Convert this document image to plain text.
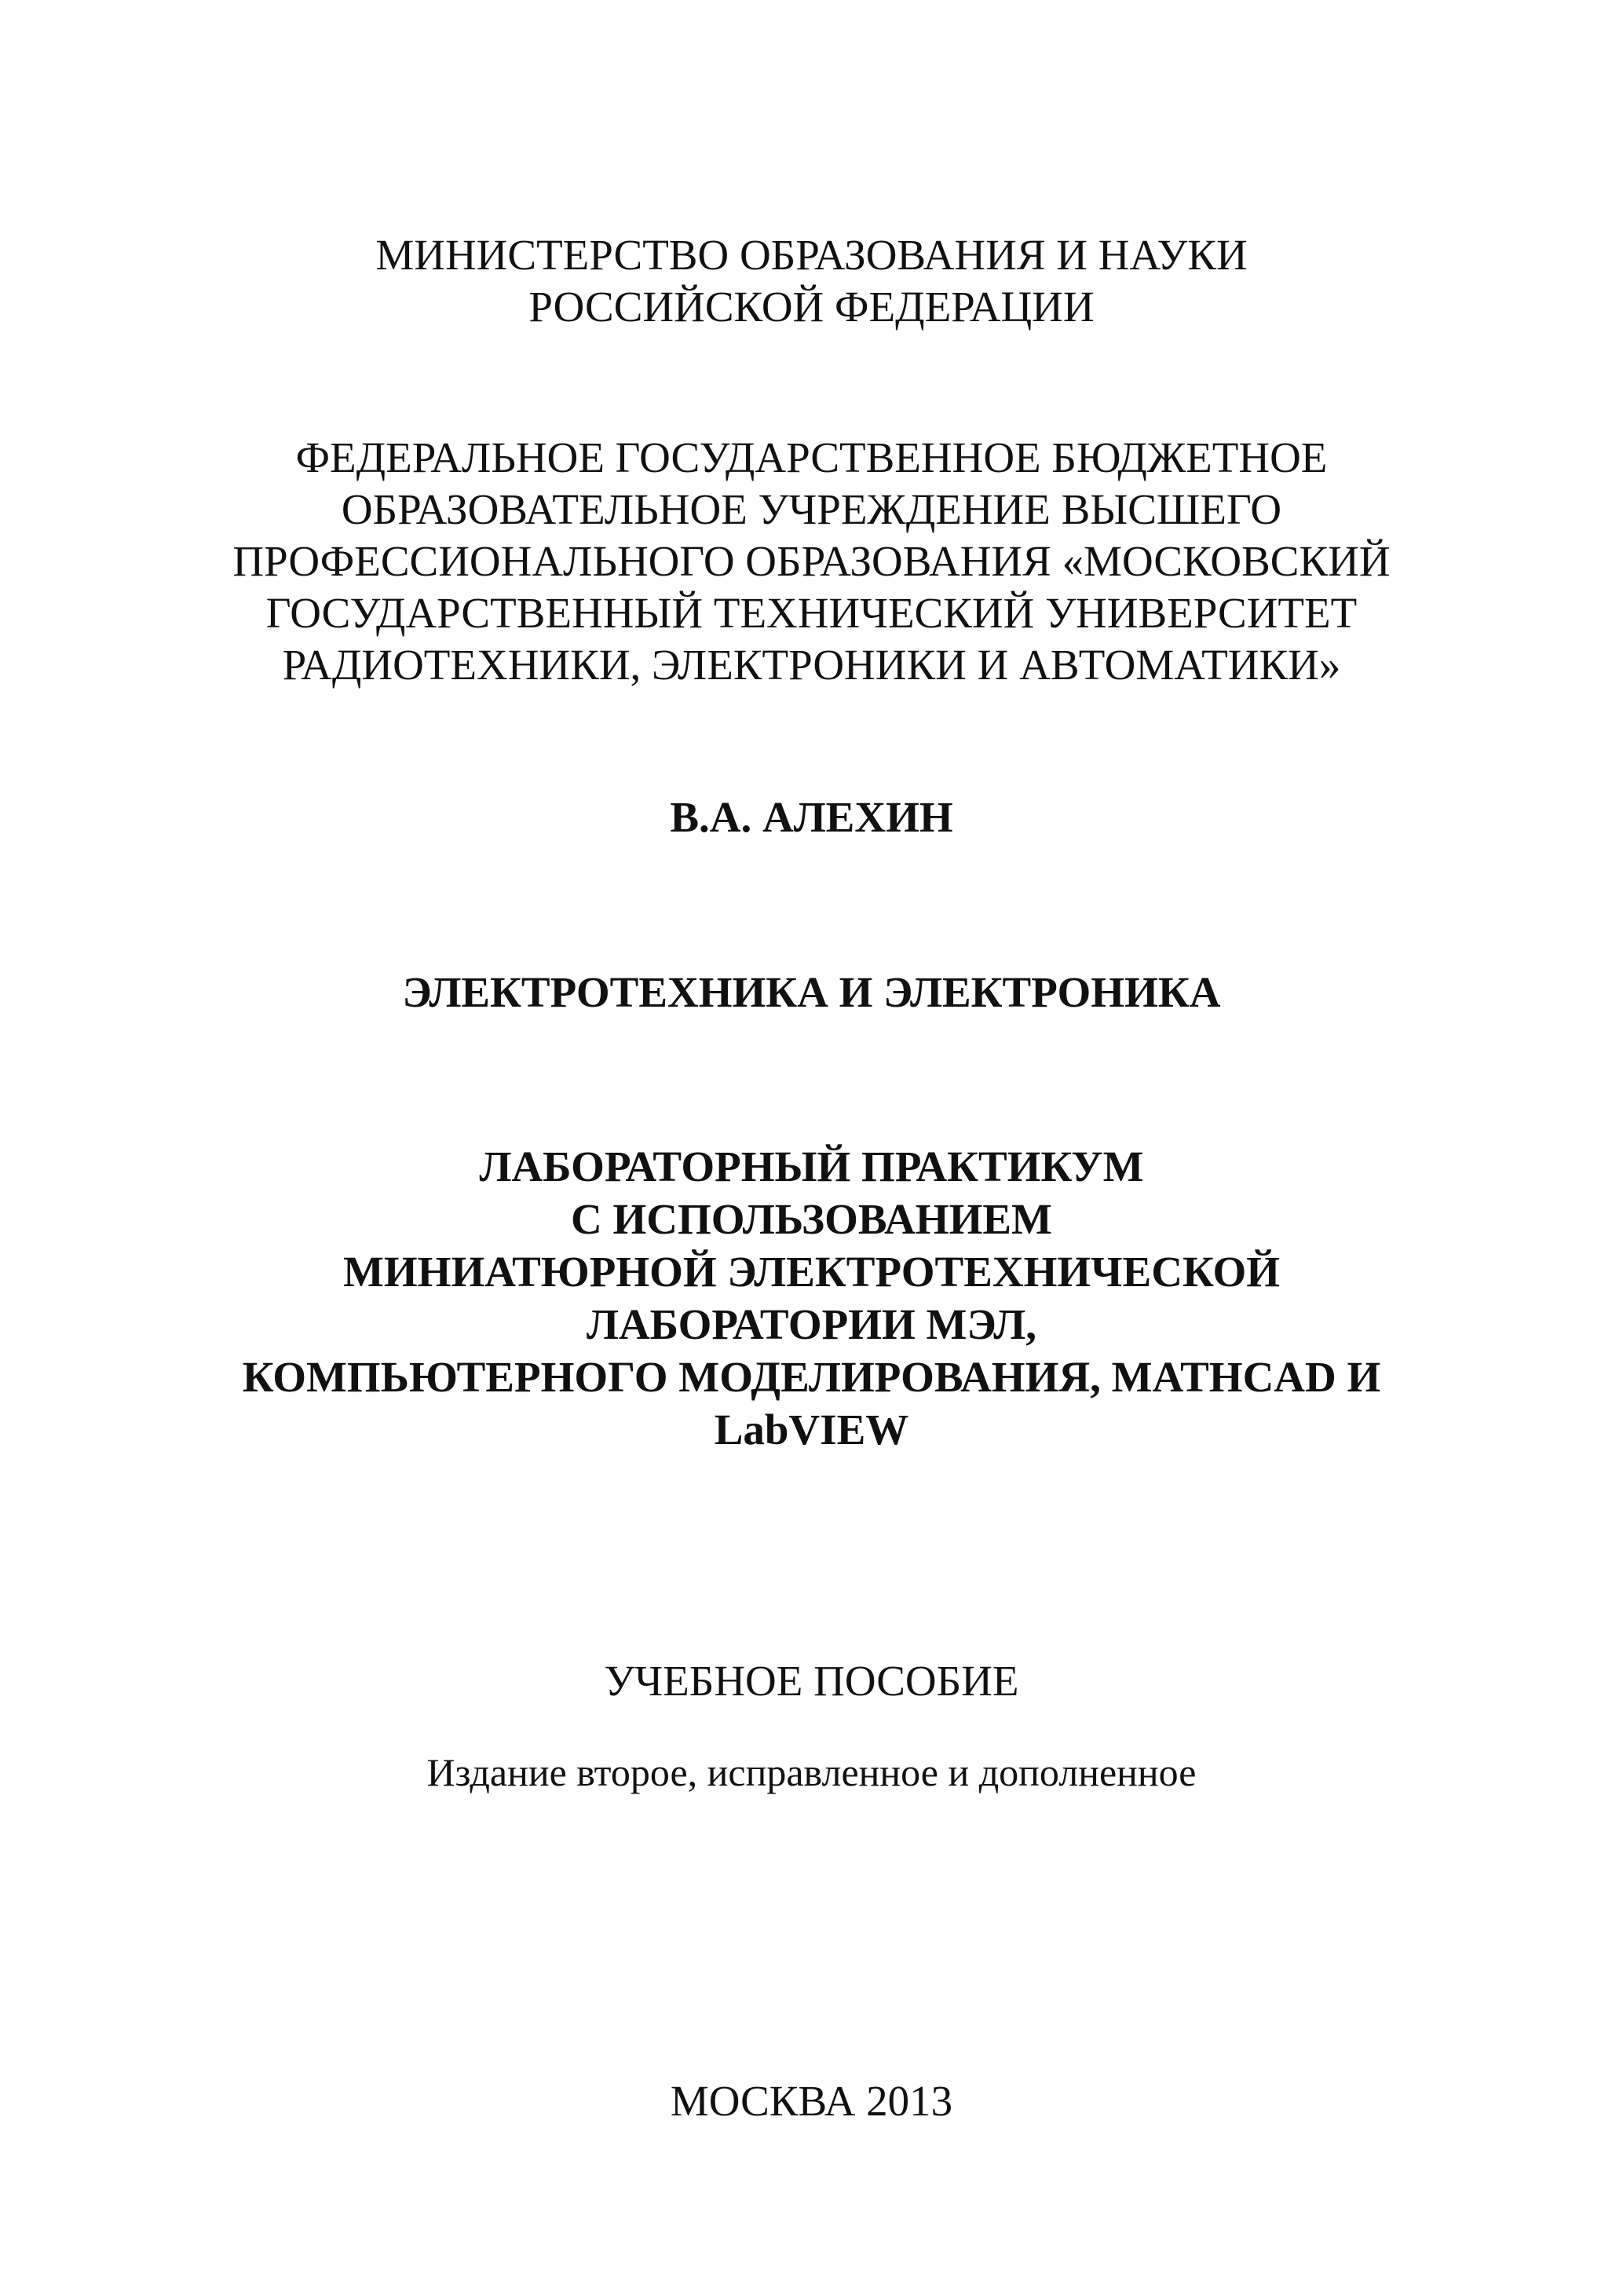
МИНИСТЕРСТВО ОБРАЗОВАНИЯ И НАУКИ
РОССИЙСКОЙ ФЕДЕРАЦИИ
ФЕДЕРАЛЬНОЕ ГОСУДАРСТВЕННОЕ БЮДЖЕТНОЕ
ОБРАЗОВАТЕЛЬНОЕ УЧРЕЖДЕНИЕ ВЫСШЕГО
ПРОФЕССИОНАЛЬНОГО ОБРАЗОВАНИЯ «МОСКОВСКИЙ
ГОСУДАРСТВЕННЫЙ ТЕХНИЧЕСКИЙ УНИВЕРСИТЕТ
РАДИОТЕХНИКИ, ЭЛЕКТРОНИКИ И АВТОМАТИКИ»
В.А. АЛЕХИН
ЭЛЕКТРОТЕХНИКА И ЭЛЕКТРОНИКА
ЛАБОРАТОРНЫЙ ПРАКТИКУМ
С ИСПОЛЬЗОВАНИЕМ
МИНИАТЮРНОЙ ЭЛЕКТРОТЕХНИЧЕСКОЙ
ЛАБОРАТОРИИ МЭЛ,
КОМПЬЮТЕРНОГО МОДЕЛИРОВАНИЯ, MATHCAD И
LabVIEW
УЧЕБНОЕ ПОСОБИЕ
Издание второе, исправленное и дополненное
МОСКВА 2013
